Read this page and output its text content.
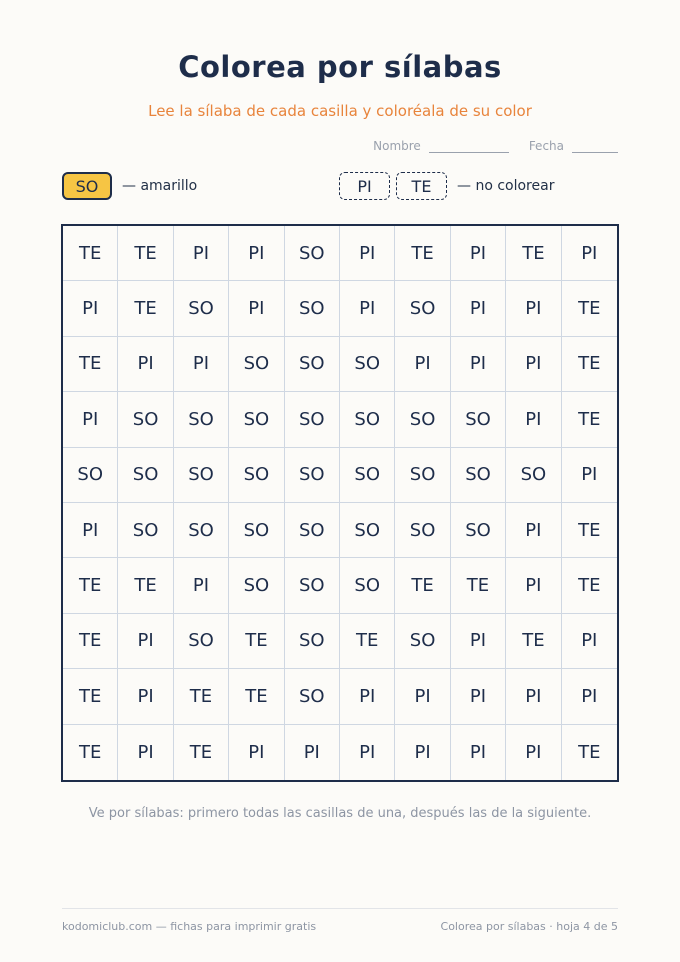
Colorea por sílabas
Lee la sílaba de cada casilla y coloréala de su color
Nombre	Fecha
SO	— amarillo	PI	TE	— no colorear
TE	TE	PI	PI	SO	PI	TE	PI	TE	PI
PI	TE	SO	PI	SO	PI	SO	PI	PI	TE
TE	PI	PI	SO	SO	SO	PI	PI	PI	TE
PI	SO	SO	SO	SO	SO	SO	SO	PI	TE
SO	SO	SO	SO	SO	SO	SO	SO	SO	PI
PI	SO	SO	SO	SO	SO	SO	SO	PI	TE
TE	TE	PI	SO	SO	SO	TE	TE	PI	TE
TE	PI	SO	TE	SO	TE	SO	PI	TE	PI
TE	PI	TE	TE	SO	PI	PI	PI	PI	PI
TE	PI	TE	PI	PI	PI	PI	PI	PI	TE
Ve por sílabas: primero todas las casillas de una, después las de la siguiente.
kodomiclub.com — fichas para imprimir gratis	Colorea por sílabas · hoja 4 de 5
